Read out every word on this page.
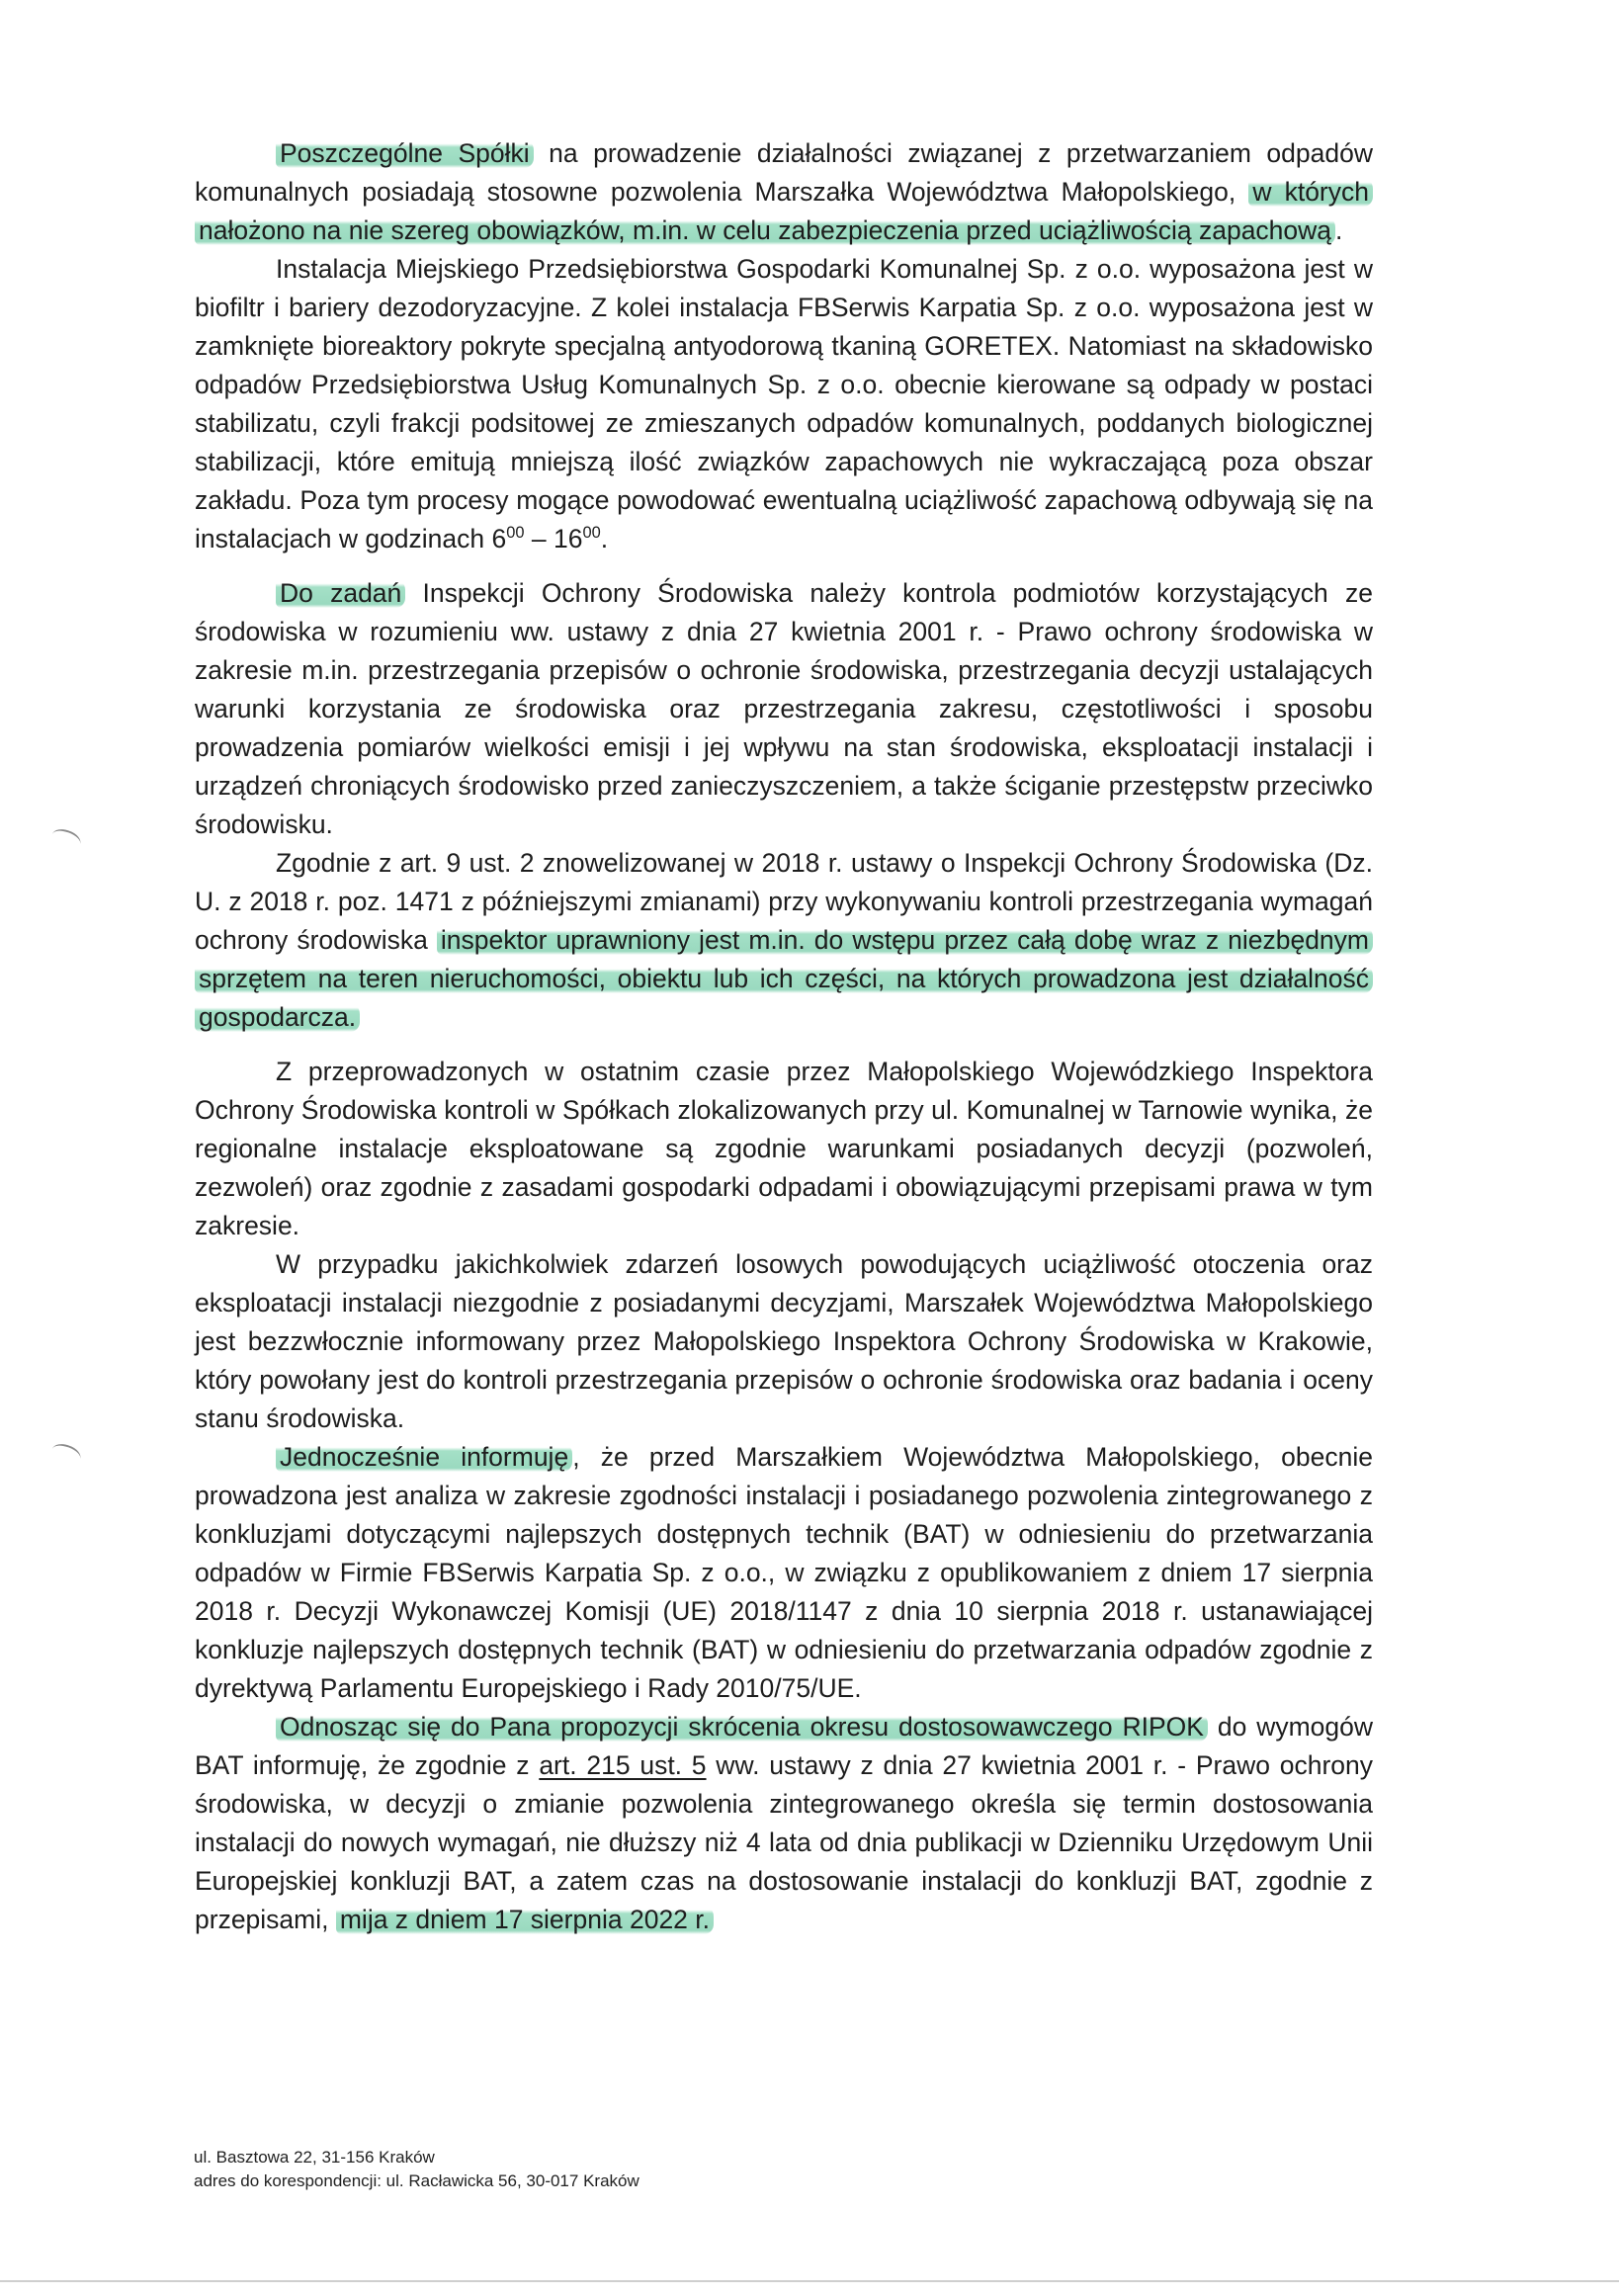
Poszczególne Spółki na prowadzenie działalności związanej z przetwarzaniem odpadów komunalnych posiadają stosowne pozwolenia Marszałka Województwa Małopolskiego, w których nałożono na nie szereg obowiązków, m.in. w celu zabezpieczenia przed uciążliwością zapachową .

Instalacja Miejskiego Przedsiębiorstwa Gospodarki Komunalnej Sp. z o.o. wyposażona jest w biofiltr i bariery dezodoryzacyjne. Z kolei instalacja FBSerwis Karpatia Sp. z o.o. wyposażona jest w zamknięte bioreaktory pokryte specjalną antyodorową tkaniną GORETEX. Natomiast na składowisko odpadów Przedsiębiorstwa Usług Komunalnych Sp. z o.o. obecnie kierowane są odpady w postaci stabilizatu, czyli frakcji podsitowej ze zmieszanych odpadów komunalnych, poddanych biologicznej stabilizacji, które emitują mniejszą ilość związków zapachowych nie wykraczającą poza obszar zakładu. Poza tym procesy mogące powodować ewentualną uciążliwość zapachową odbywają się na instalacjach w godzinach $6^{00} - 16^{00}$.

Do zadań Inspekcji Ochrony Środowiska należy kontrola podmiotów korzystających ze środowiska w rozumieniu ww. ustawy z dnia 27 kwietnia 2001 r. - Prawo ochrony środowiska w zakresie m.in. przestrzegania przepisów o ochronie środowiska, przestrzegania decyzji ustalających warunki korzystania ze środowiska oraz przestrzegania zakresu, częstotliwości i sposobu prowadzenia pomiarów wielkości emisji i jej wpływu na stan środowiska, eksploatacji instalacji i urządzeń chroniących środowisko przed zanieczyszczeniem, a także ściganie przestępstw przeciwko środowisku.

Zgodnie z art. 9 ust. 2 znowelizowanej w 2018 r. ustawy o Inspekcji Ochrony Środowiska (Dz. U. z 2018 r. poz. 1471 z późniejszymi zmianami) przy wykonywaniu kontroli przestrzegania wymagań ochrony środowiska inspektor uprawniony jest m.in. do wstępu przez całą dobę wraz z niezbędnym sprzętem na teren nieruchomości, obiektu lub ich części, na których prowadzona jest działalność gospodarcza.

Z przeprowadzonych w ostatnim czasie przez Małopolskiego Wojewódzkiego Inspektora Ochrony Środowiska kontroli w Spółkach zlokalizowanych przy ul. Komunalnej w Tarnowie wynika, że regionalne instalacje eksploatowane są zgodnie warunkami posiadanych decyzji (pozwoleń, zezwoleń) oraz zgodnie z zasadami gospodarki odpadami i obowiązującymi przepisami prawa w tym zakresie.

W przypadku jakichkolwiek zdarzeń losowych powodujących uciążliwość otoczenia oraz eksploatacji instalacji niezgodnie z posiadanymi decyzjami, Marszałek Województwa Małopolskiego jest bezzwłocznie informowany przez Małopolskiego Inspektora Ochrony Środowiska w Krakowie, który powołany jest do kontroli przestrzegania przepisów o ochronie środowiska oraz badania i oceny stanu środowiska.

Jednocześnie informuję , że przed Marszałkiem Województwa Małopolskiego, obecnie prowadzona jest analiza w zakresie zgodności instalacji i posiadanego pozwolenia zintegrowanego z konkluzjami dotyczącymi najlepszych dostępnych technik (BAT) w odniesieniu do przetwarzania odpadów w Firmie FBSerwis Karpatia Sp. z o.o., w związku z opublikowaniem z dniem 17 sierpnia 2018 r. Decyzji Wykonawczej Komisji (UE) 2018/1147 z dnia 10 sierpnia 2018 r. ustanawiającej konkluzje najlepszych dostępnych technik (BAT) w odniesieniu do przetwarzania odpadów zgodnie z dyrektywą Parlamentu Europejskiego i Rady 2010/75/UE.

Odnosząc się do Pana propozycji skrócenia okresu dostosowawczego RIPOK do wymogów BAT informuję, że zgodnie z art. 215 ust. 5 ww. ustawy z dnia 27 kwietnia 2001 r. - Prawo ochrony środowiska, w decyzji o zmianie pozwolenia zintegrowanego określa się termin dostosowania instalacji do nowych wymagań, nie dłuższy niż 4 lata od dnia publikacji w Dzienniku Urzędowym Unii Europejskiej konkluzji BAT, a zatem czas na dostosowanie instalacji do konkluzji BAT, zgodnie z przepisami, mija z dniem 17 sierpnia 2022 r.

ul. Basztowa 22, 31-156 Kraków
adres do korespondencji: ul. Racławicka 56, 30-017 Kraków
